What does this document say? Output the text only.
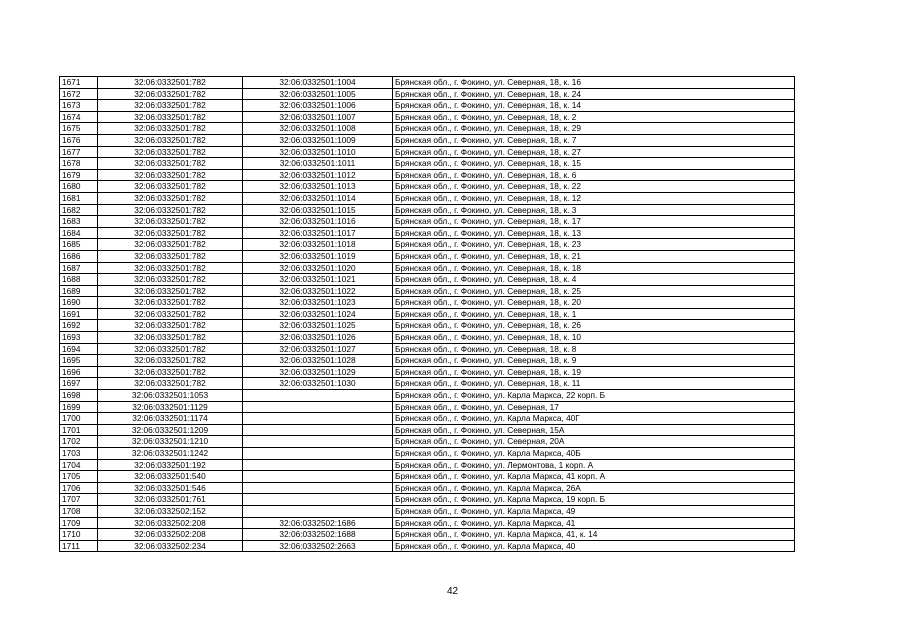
1671	32:06:0332501:782	32:06:0332501:1004	Брянская обл., г. Фокино, ул. Северная, 18, к. 16
1672	32:06:0332501:782	32:06:0332501:1005	Брянская обл., г. Фокино, ул. Северная, 18, к. 24
1673	32:06:0332501:782	32:06:0332501:1006	Брянская обл., г. Фокино, ул. Северная, 18, к. 14
1674	32:06:0332501:782	32:06:0332501:1007	Брянская обл., г. Фокино, ул. Северная, 18, к. 2
1675	32:06:0332501:782	32:06:0332501:1008	Брянская обл., г. Фокино, ул. Северная, 18, к. 29
1676	32:06:0332501:782	32:06:0332501:1009	Брянская обл., г. Фокино, ул. Северная, 18, к. 7
1677	32:06:0332501:782	32:06:0332501:1010	Брянская обл., г. Фокино, ул. Северная, 18, к. 27
1678	32:06:0332501:782	32:06:0332501:1011	Брянская обл., г. Фокино, ул. Северная, 18, к. 15
1679	32:06:0332501:782	32:06:0332501:1012	Брянская обл., г. Фокино, ул. Северная, 18, к. 6
1680	32:06:0332501:782	32:06:0332501:1013	Брянская обл., г. Фокино, ул. Северная, 18, к. 22
1681	32:06:0332501:782	32:06:0332501:1014	Брянская обл., г. Фокино, ул. Северная, 18, к. 12
1682	32:06:0332501:782	32:06:0332501:1015	Брянская обл., г. Фокино, ул. Северная, 18, к. 3
1683	32:06:0332501:782	32:06:0332501:1016	Брянская обл., г. Фокино, ул. Северная, 18, к. 17
1684	32:06:0332501:782	32:06:0332501:1017	Брянская обл., г. Фокино, ул. Северная, 18, к. 13
1685	32:06:0332501:782	32:06:0332501:1018	Брянская обл., г. Фокино, ул. Северная, 18, к. 23
1686	32:06:0332501:782	32:06:0332501:1019	Брянская обл., г. Фокино, ул. Северная, 18, к. 21
1687	32:06:0332501:782	32:06:0332501:1020	Брянская обл., г. Фокино, ул. Северная, 18, к. 18
1688	32:06:0332501:782	32:06:0332501:1021	Брянская обл., г. Фокино, ул. Северная, 18, к. 4
1689	32:06:0332501:782	32:06:0332501:1022	Брянская обл., г. Фокино, ул. Северная, 18, к. 25
1690	32:06:0332501:782	32:06:0332501:1023	Брянская обл., г. Фокино, ул. Северная, 18, к. 20
1691	32:06:0332501:782	32:06:0332501:1024	Брянская обл., г. Фокино, ул. Северная, 18, к. 1
1692	32:06:0332501:782	32:06:0332501:1025	Брянская обл., г. Фокино, ул. Северная, 18, к. 26
1693	32:06:0332501:782	32:06:0332501:1026	Брянская обл., г. Фокино, ул. Северная, 18, к. 10
1694	32:06:0332501:782	32:06:0332501:1027	Брянская обл., г. Фокино, ул. Северная, 18, к. 8
1695	32:06:0332501:782	32:06:0332501:1028	Брянская обл., г. Фокино, ул. Северная, 18, к. 9
1696	32:06:0332501:782	32:06:0332501:1029	Брянская обл., г. Фокино, ул. Северная, 18, к. 19
1697	32:06:0332501:782	32:06:0332501:1030	Брянская обл., г. Фокино, ул. Северная, 18, к. 11
1698	32:06:0332501:1053		Брянская обл., г. Фокино, ул. Карла Маркса, 22 корп. Б
1699	32:06:0332501:1129		Брянская обл., г. Фокино, ул. Северная, 17
1700	32:06:0332501:1174		Брянская обл., г. Фокино, ул. Карла Маркса, 40Г
1701	32:06:0332501:1209		Брянская обл., г. Фокино, ул. Северная, 15А
1702	32:06:0332501:1210		Брянская обл., г. Фокино, ул. Северная, 20А
1703	32:06:0332501:1242		Брянская обл., г. Фокино, ул. Карла Маркса, 40Б
1704	32:06:0332501:192		Брянская обл., г. Фокино, ул. Лермонтова, 1 корп. А
1705	32:06:0332501:540		Брянская обл., г. Фокино, ул. Карла Маркса, 41 корп. А
1706	32:06:0332501:546		Брянская обл., г. Фокино, ул. Карла Маркса, 26А
1707	32:06:0332501:761		Брянская обл., г. Фокино, ул. Карла Маркса, 19 корп. Б
1708	32:06:0332502:152		Брянская обл., г. Фокино, ул. Карла Маркса, 49
1709	32:06:0332502:208	32:06:0332502:1686	Брянская обл., г. Фокино, ул. Карла Маркса, 41
1710	32:06:0332502:208	32:06:0332502:1688	Брянская обл., г. Фокино, ул. Карла Маркса, 41, к. 14
1711	32:06:0332502:234	32:06:0332502:2663	Брянская обл., г. Фокино, ул. Карла Маркса, 40
42
